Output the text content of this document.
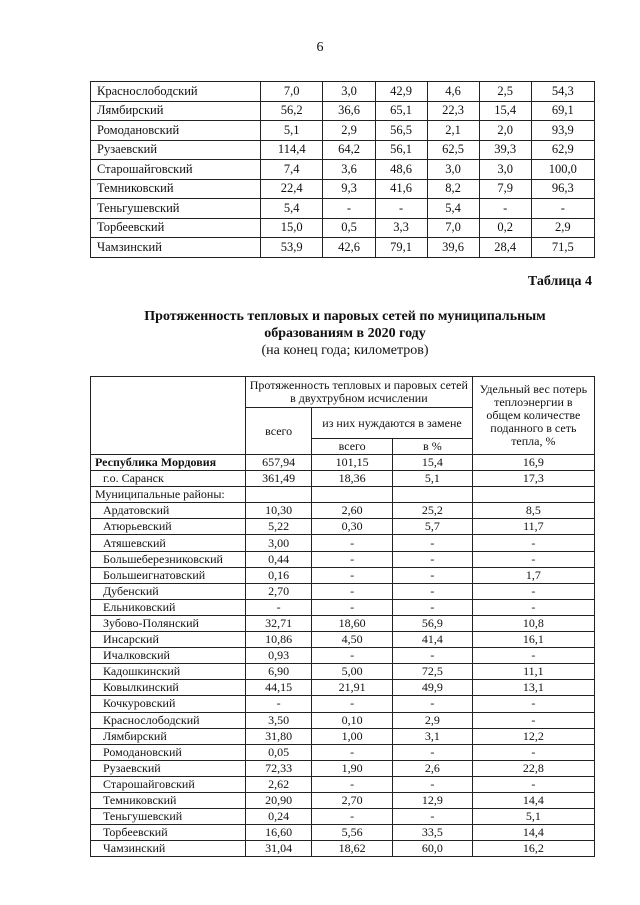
6
Краснослободский	7,0	3,0	42,9	4,6	2,5	54,3
Лямбирский	56,2	36,6	65,1	22,3	15,4	69,1
Ромодановский	5,1	2,9	56,5	2,1	2,0	93,9
Рузаевский	114,4	64,2	56,1	62,5	39,3	62,9
Старошайговский	7,4	3,6	48,6	3,0	3,0	100,0
Темниковский	22,4	9,3	41,6	8,2	7,9	96,3
Теньгушевский	5,4	-	-	5,4	-	-
Торбеевский	15,0	0,5	3,3	7,0	0,2	2,9
Чамзинский	53,9	42,6	79,1	39,6	28,4	71,5
Таблица 4
Протяженность тепловых и паровых сетей по муниципальным
образованиям в 2020 году
(на конец года; километров)
	Протяженность тепловых и паровых сетей в двухтрубном исчислении			Удельный вес потерь теплоэнергии в общем количестве поданного в сеть тепла, %
	всего	из них нуждаются в замене		
		всего	в %	
Республика Мордовия	657,94	101,15	15,4	16,9
г.о. Саранск	361,49	18,36	5,1	17,3
Муниципальные районы:				
Ардатовский	10,30	2,60	25,2	8,5
Атюрьевский	5,22	0,30	5,7	11,7
Атяшевский	3,00	-	-	-
Большеберезниковский	0,44	-	-	-
Большеигнатовский	0,16	-	-	1,7
Дубенский	2,70	-	-	-
Ельниковский	-	-	-	-
Зубово-Полянский	32,71	18,60	56,9	10,8
Инсарский	10,86	4,50	41,4	16,1
Ичалковский	0,93	-	-	-
Кадошкинский	6,90	5,00	72,5	11,1
Ковылкинский	44,15	21,91	49,9	13,1
Кочкуровский	-	-	-	-
Краснослободский	3,50	0,10	2,9	-
Лямбирский	31,80	1,00	3,1	12,2
Ромодановский	0,05	-	-	-
Рузаевский	72,33	1,90	2,6	22,8
Старошайговский	2,62	-	-	-
Темниковский	20,90	2,70	12,9	14,4
Теньгушевский	0,24	-	-	5,1
Торбеевский	16,60	5,56	33,5	14,4
Чамзинский	31,04	18,62	60,0	16,2
